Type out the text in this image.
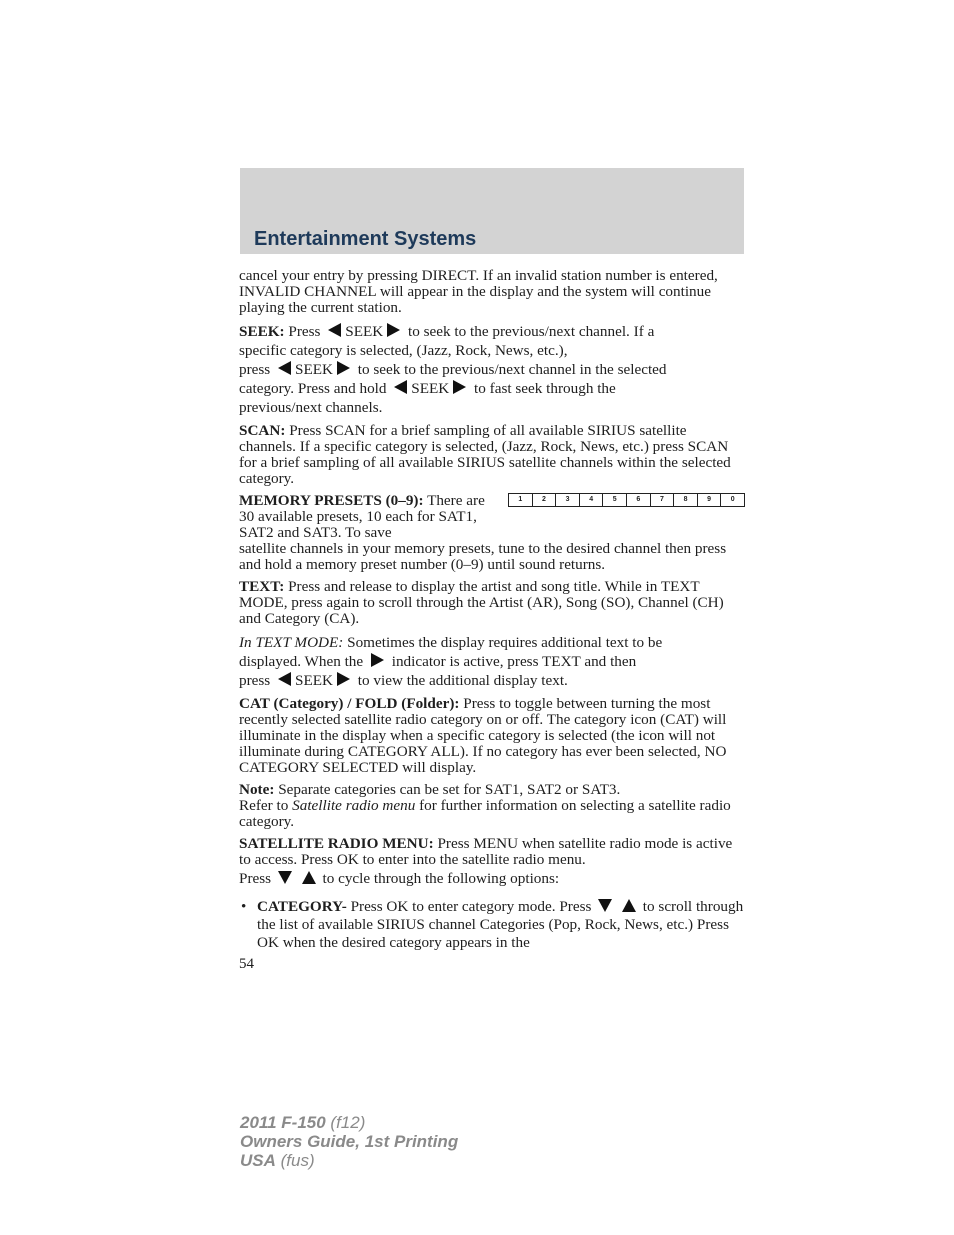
Entertainment Systems

cancel your entry by pressing DIRECT. If an invalid station number is entered, INVALID CHANNEL will appear in the display and the system will continue playing the current station.

SEEK: Press SEEK to seek to the previous/next channel. If a
specific category is selected, (Jazz, Rock, News, etc.),
press SEEK to seek to the previous/next channel in the selected
category. Press and hold SEEK to fast seek through the
previous/next channels.

SCAN: Press SCAN for a brief sampling of all available SIRIUS satellite channels. If a specific category is selected, (Jazz, Rock, News, etc.) press SCAN for a brief sampling of all available SIRIUS satellite channels within the selected category.

1	2	3	4	5	6	7	8	9	0
MEMORY PRESETS (0–9): There are 30 available presets, 10 each for SAT1, SAT2 and SAT3. To save
satellite channels in your memory presets, tune to the desired channel then press and hold a memory preset number (0–9) until sound returns.

TEXT: Press and release to display the artist and song title. While in TEXT MODE, press again to scroll through the Artist (AR), Song (SO), Channel (CH) and Category (CA).

In TEXT MODE: Sometimes the display requires additional text to be
displayed. When the indicator is active, press TEXT and then
press SEEK to view the additional display text.

CAT (Category) / FOLD (Folder): Press to toggle between turning the most recently selected satellite radio category on or off. The category icon (CAT) will illuminate in the display when a specific category is selected (the icon will not illuminate during CATEGORY ALL). If no category has ever been selected, NO CATEGORY SELECTED will display.

Note: Separate categories can be set for SAT1, SAT2 or SAT3.
Refer to Satellite radio menu for further information on selecting a satellite radio category.

SATELLITE RADIO MENU: Press MENU when satellite radio mode is active to access. Press OK to enter into the satellite radio menu.
Press	to cycle through the following options:

• CATEGORY- Press OK to enter category mode. Press	to scroll through the list of available SIRIUS channel Categories (Pop, Rock, News, etc.) Press OK when the desired category appears in the
54
2011 F-150 (f12)
Owners Guide, 1st Printing
USA (fus)
